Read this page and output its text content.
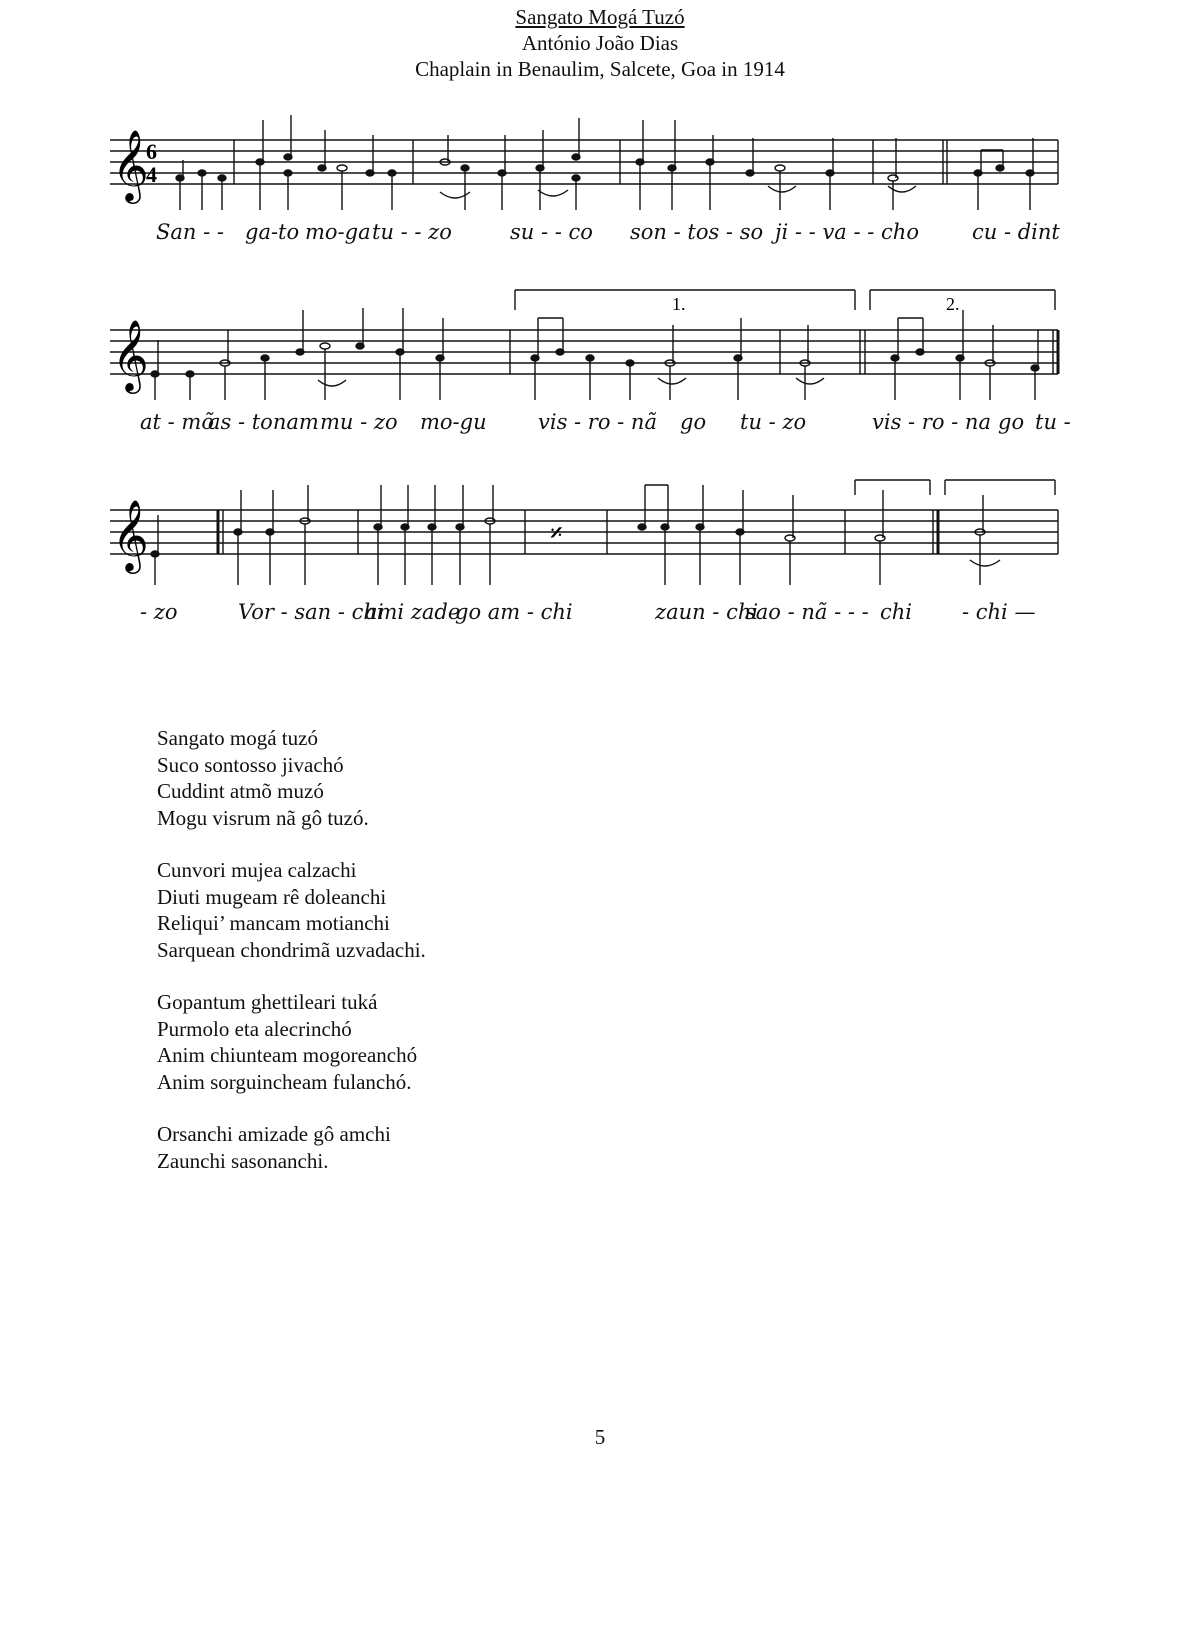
Sangato Mogá Tuzó
António João Dias
Chaplain in Benaulim, Salcete, Goa in 1914
𝄞
6
4
San - - ga-to mo-ga tu - - zo	su - - co son - tos - so ji - - va - - cho	cu - dint
𝄞
1.	2.
at - mõ
as - tonam mu - zo mo-gu vis - ro - nã go tu - zo	vis - ro - na go tu -
𝄞	𝄎
- zo	Vor - san - chi
ami zade
go am - chi	zaun - chi
sao - nã - - - chi - chi —
Sangato mogá tuzó
Suco sontosso jivachó
Cuddint atmõ muzó
Mogu visrum nã gô tuzó.
Cunvori mujea calzachi
Diuti mugeam rê doleanchi
Reliqui’ mancam motianchi
Sarquean chondrimã uzvadachi.
Gopantum ghettileari tuká
Purmolo eta alecrinchó
Anim chiunteam mogoreanchó
Anim sorguincheam fulanchó.
Orsanchi amizade gô amchi
Zaunchi sasonanchi.
5
